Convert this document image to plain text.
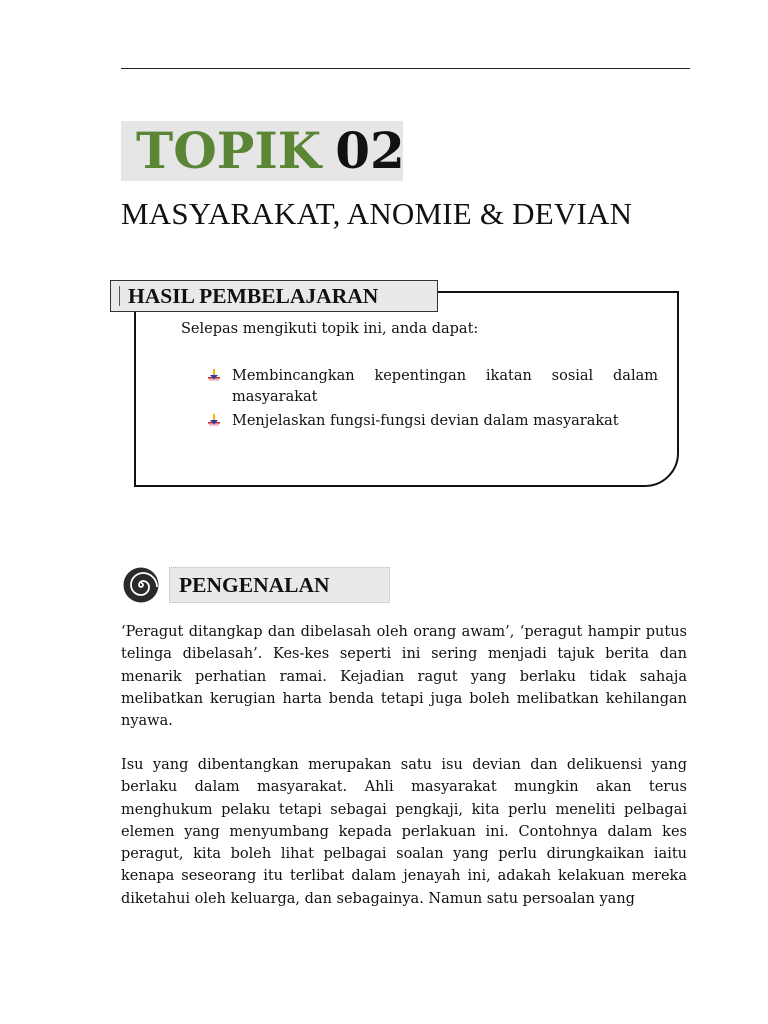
TOPIK 02
MASYARAKAT, ANOMIE & DEVIAN
HASIL PEMBELAJARAN
Selepas mengikuti topik ini, anda dapat:
Membincangkan kepentingan ikatan sosial dalam masyarakat
Menjelaskan fungsi-fungsi devian dalam masyarakat
PENGENALAN

‘Peragut ditangkap dan dibelasah oleh orang awam’, ‘peragut hampir putus telinga dibelasah’. Kes-kes seperti ini sering menjadi tajuk berita dan menarik perhatian ramai. Kejadian ragut yang berlaku tidak sahaja melibatkan kerugian harta benda tetapi juga boleh melibatkan kehilangan nyawa.

Isu yang dibentangkan merupakan satu isu devian dan delikuensi yang berlaku dalam masyarakat. Ahli masyarakat mungkin akan terus menghukum pelaku tetapi sebagai pengkaji, kita perlu meneliti pelbagai elemen yang menyumbang kepada perlakuan ini. Contohnya dalam kes peragut, kita boleh lihat pelbagai soalan yang perlu dirungkaikan iaitu kenapa seseorang itu terlibat dalam jenayah ini, adakah kelakuan mereka diketahui oleh keluarga, dan sebagainya. Namun satu persoalan yang
